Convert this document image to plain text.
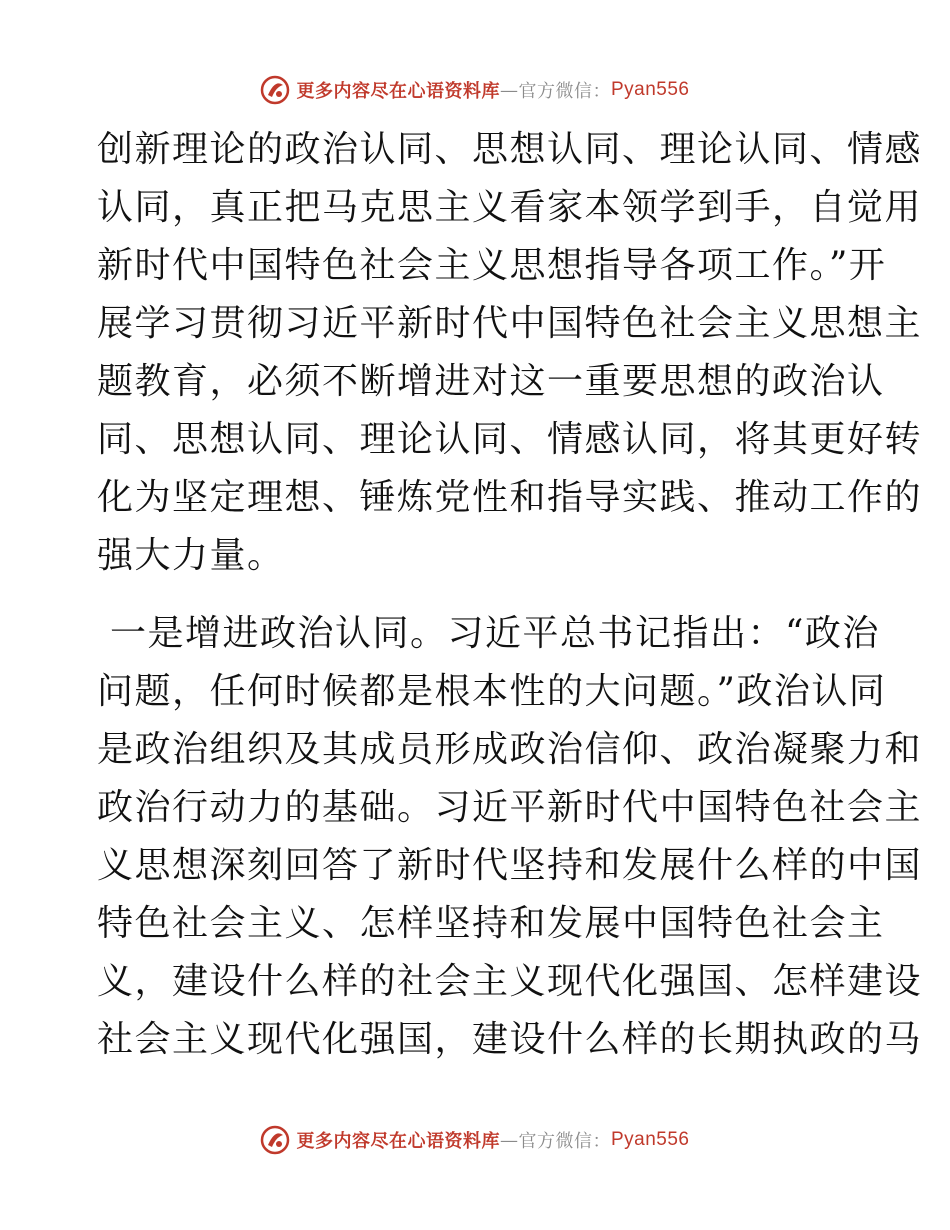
更多内容尽在心语资料库 — 官方微信： Pyan556
创新理论的政治认同、思想认同、理论认同、情感
认同，真正把马克思主义看家本领学到手，自觉用
新时代中国特色社会主义思想指导各项工作。”开
展学习贯彻习近平新时代中国特色社会主义思想主
题教育，必须不断增进对这一重要思想的政治认
同、思想认同、理论认同、情感认同，将其更好转
化为坚定理想、锤炼党性和指导实践、推动工作的
强大力量。
一是增进政治认同。习近平总书记指出：“政治
问题，任何时候都是根本性的大问题。”政治认同
是政治组织及其成员形成政治信仰、政治凝聚力和
政治行动力的基础。习近平新时代中国特色社会主
义思想深刻回答了新时代坚持和发展什么样的中国
特色社会主义、怎样坚持和发展中国特色社会主
义，建设什么样的社会主义现代化强国、怎样建设
社会主义现代化强国，建设什么样的长期执政的马
更多内容尽在心语资料库 — 官方微信： Pyan556
